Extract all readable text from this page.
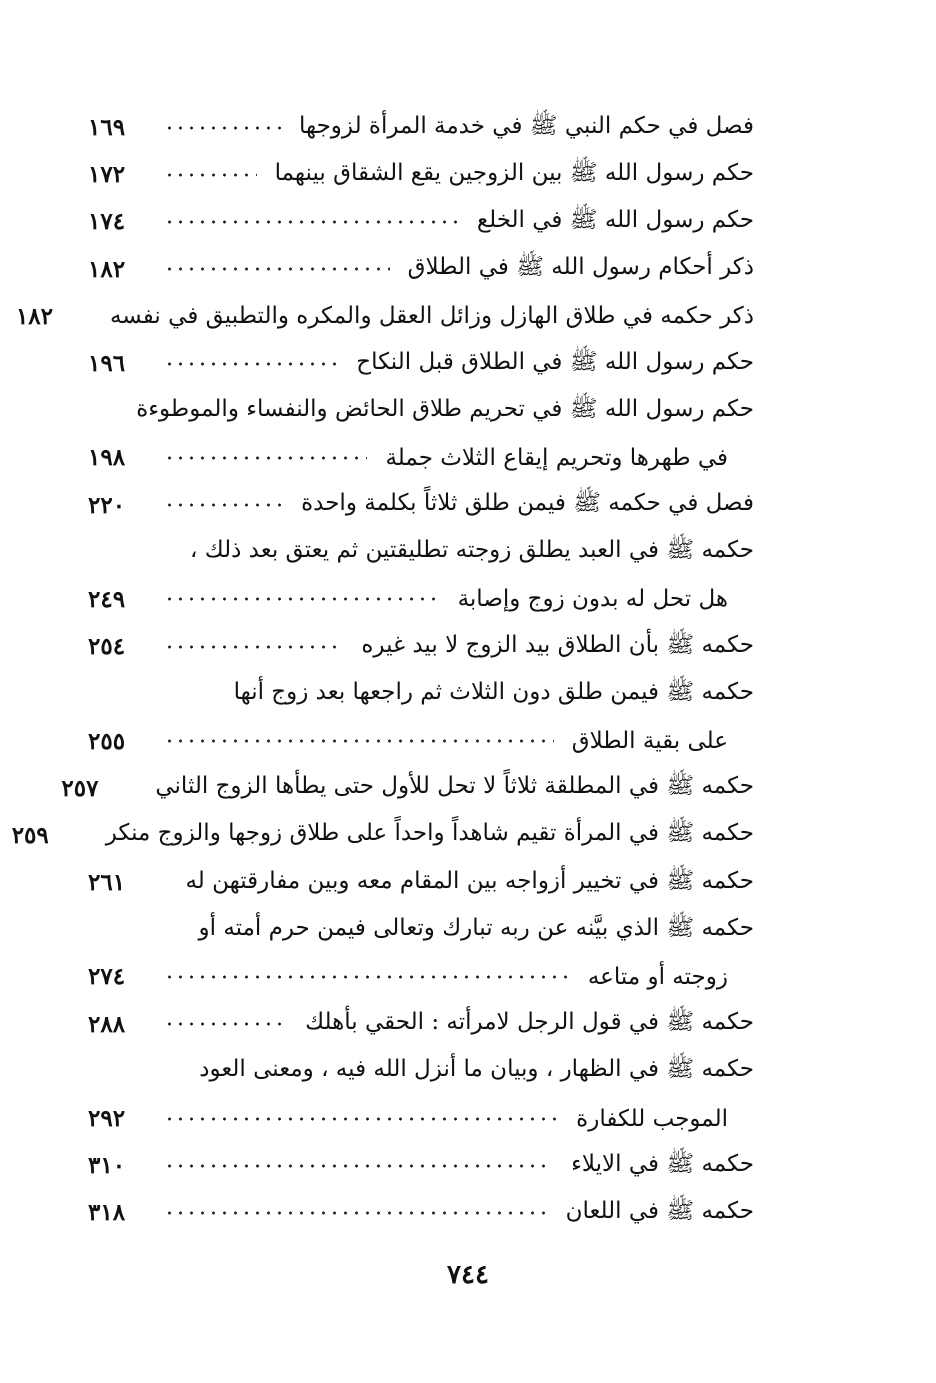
فصل في حكم النبي ﷺ في خدمة المرأة لزوجها
١٦٩
حكم رسول الله ﷺ بين الزوجين يقع الشقاق بينهما
١٧٢
حكم رسول الله ﷺ في الخلع
١٧٤
ذكر أحكام رسول الله ﷺ في الطلاق
١٨٢
ذكر حكمه في طلاق الهازل وزائل العقل والمكره والتطبيق في نفسه
١٨٢
حكم رسول الله ﷺ في الطلاق قبل النكاح
١٩٦
حكم رسول الله ﷺ في تحريم طلاق الحائض والنفساء والموطوءة
في طهرها وتحريم إيقاع الثلاث جملة
١٩٨
فصل في حكمه ﷺ فيمن طلق ثلاثاً بكلمة واحدة
٢٢٠
حكمه ﷺ في العبد يطلق زوجته تطليقتين ثم يعتق بعد ذلك ،
هل تحل له بدون زوج وإصابة
٢٤٩
حكمه ﷺ بأن الطلاق بيد الزوج لا بيد غيره
٢٥٤
حكمه ﷺ فيمن طلق دون الثلاث ثم راجعها بعد زوج أنها
على بقية الطلاق
٢٥٥
حكمه ﷺ في المطلقة ثلاثاً لا تحل للأول حتى يطأها الزوج الثاني
٢٥٧
حكمه ﷺ في المرأة تقيم شاهداً واحداً على طلاق زوجها والزوج منكر
٢٥٩
حكمه ﷺ في تخيير أزواجه بين المقام معه وبين مفارقتهن له
٢٦١
حكمه ﷺ الذي بيَّنه عن ربه تبارك وتعالى فيمن حرم أمته أو
زوجته أو متاعه
٢٧٤
حكمه ﷺ في قول الرجل لامرأته : الحقي بأهلك
٢٨٨
حكمه ﷺ في الظهار ، وبيان ما أنزل الله فيه ، ومعنى العود
الموجب للكفارة
٢٩٢
حكمه ﷺ في الايلاء
٣١٠
حكمه ﷺ في اللعان
٣١٨
٧٤٤
